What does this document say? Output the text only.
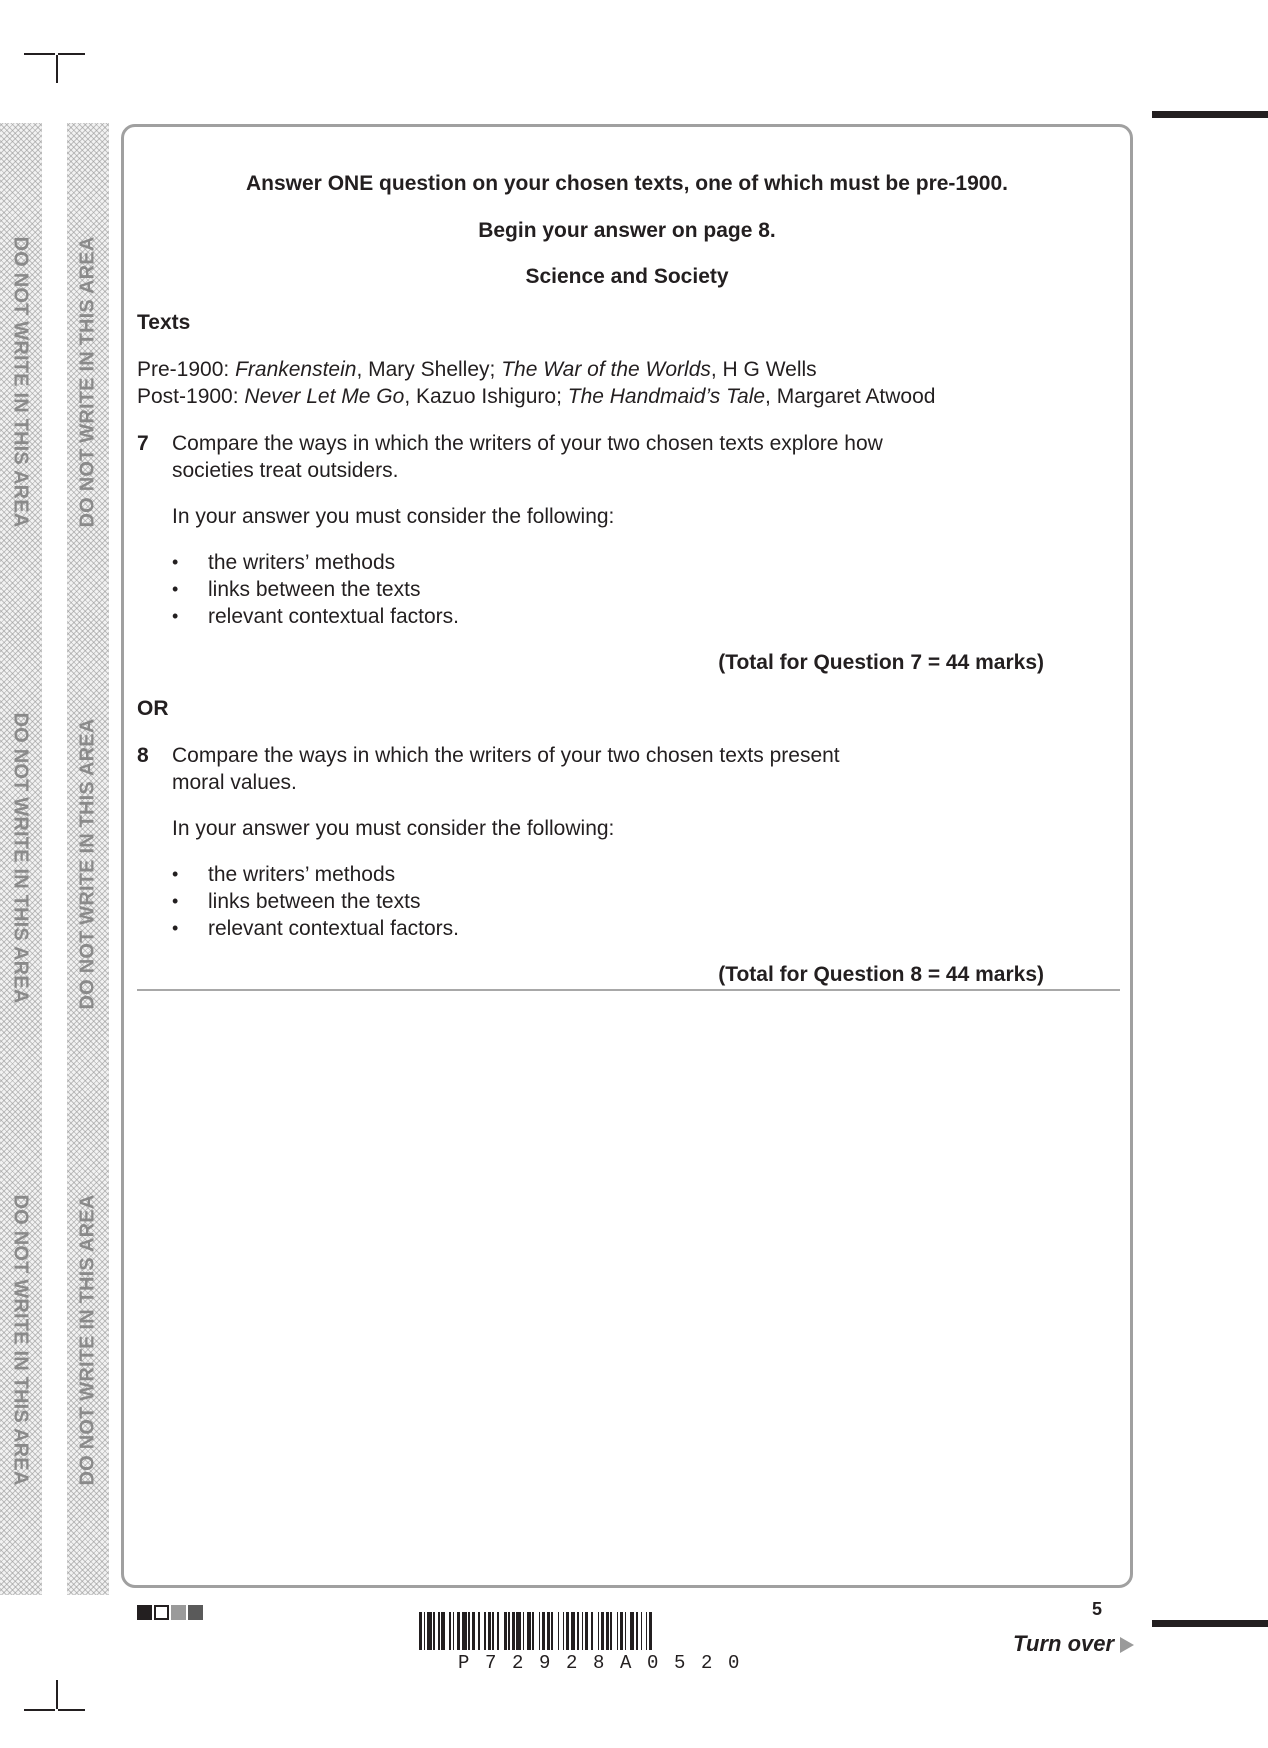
DO NOT WRITE IN THIS AREA
DO NOT WRITE IN THIS AREA
DO NOT WRITE IN THIS AREA
DO NOT WRITE IN THIS AREA
DO NOT WRITE IN THIS AREA
DO NOT WRITE IN THIS AREA
Answer ONE question on your chosen texts, one of which must be pre-1900.
Begin your answer on page 8.
Science and Society
Texts
Pre-1900: Frankenstein, Mary Shelley; The War of the Worlds, H G Wells
Post-1900: Never Let Me Go, Kazuo Ishiguro; The Handmaid’s Tale, Margaret Atwood
7 Compare the ways in which the writers of your two chosen texts explore how
societies treat outsiders.
In your answer you must consider the following:
• the writers’ methods
• links between the texts
• relevant contextual factors.
(Total for Question 7 = 44 marks)
OR
8 Compare the ways in which the writers of your two chosen texts present
moral values.
In your answer you must consider the following:
• the writers’ methods
• links between the texts
• relevant contextual factors.
(Total for Question 8 = 44 marks)
5
P72928A0520
Turn over
